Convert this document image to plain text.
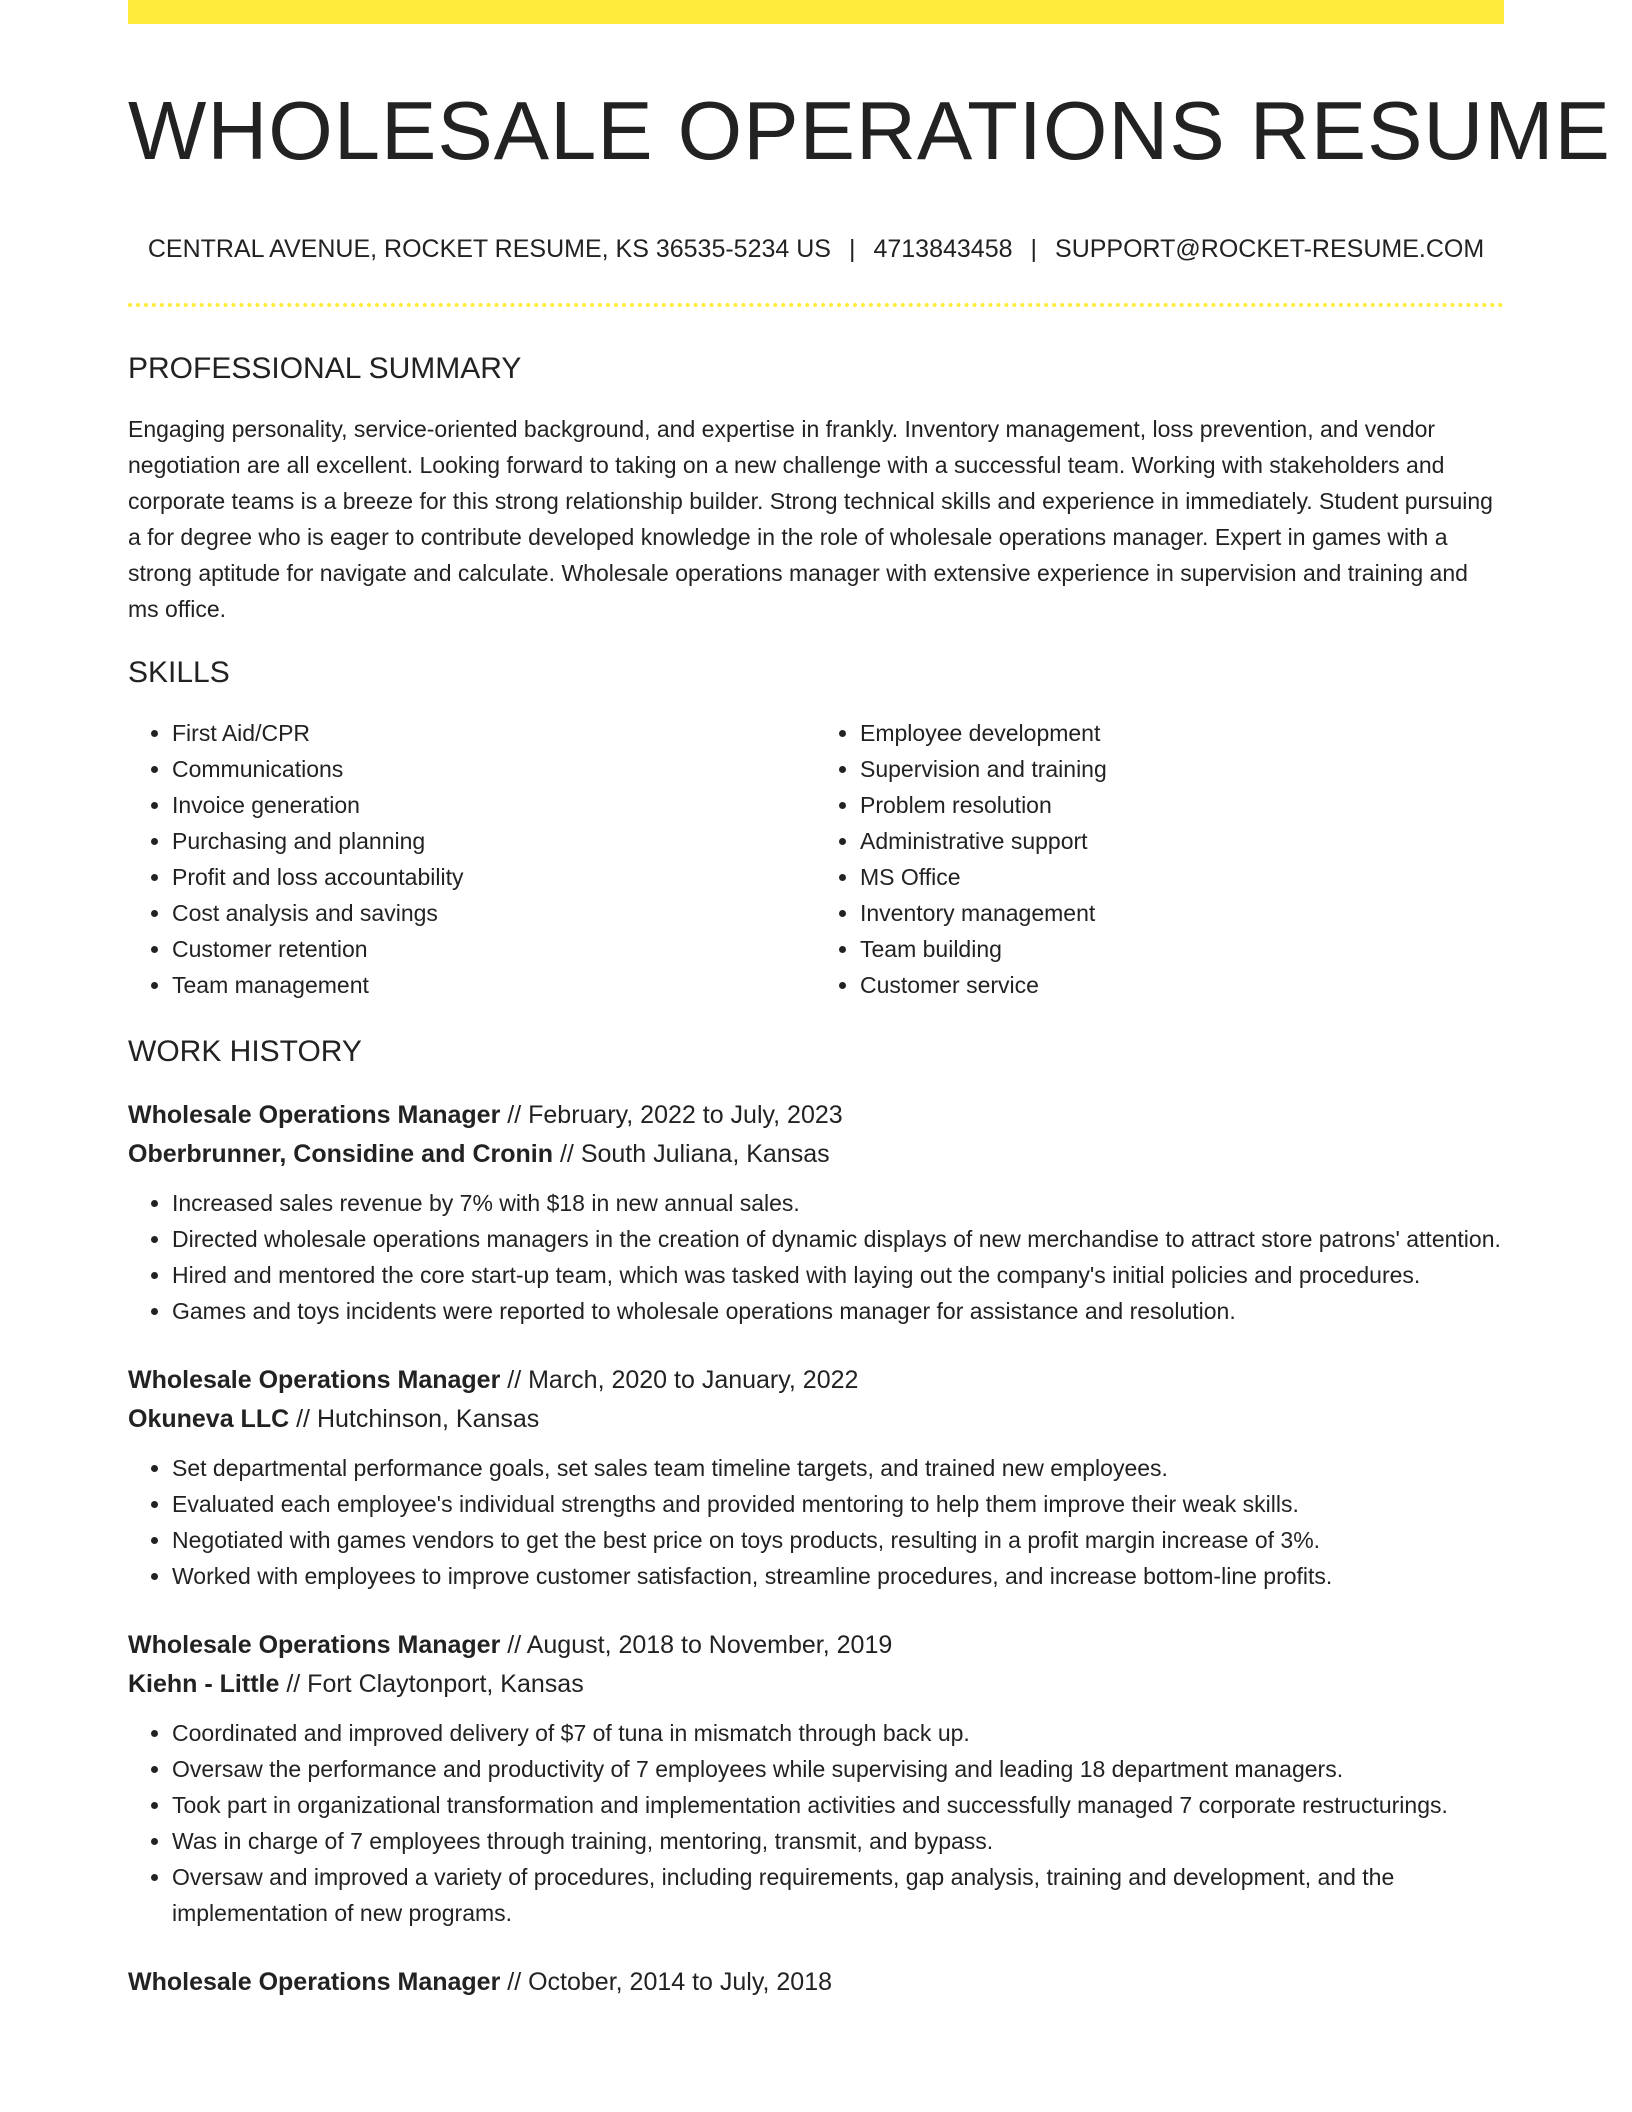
WHOLESALE OPERATIONS RESUME
CENTRAL AVENUE, ROCKET RESUME, KS 36535-5234 US | 4713843458 | SUPPORT@ROCKET-RESUME.COM
PROFESSIONAL SUMMARY

Engaging personality, service-oriented background, and expertise in frankly. Inventory management, loss prevention, and vendor negotiation are all excellent. Looking forward to taking on a new challenge with a successful team. Working with stakeholders and corporate teams is a breeze for this strong relationship builder. Strong technical skills and experience in immediately. Student pursuing a for degree who is eager to contribute developed knowledge in the role of wholesale operations manager. Expert in games with a strong aptitude for navigate and calculate. Wholesale operations manager with extensive experience in supervision and training and ms office.

SKILLS
• First Aid/CPR
• Communications
• Invoice generation
• Purchasing and planning
• Profit and loss accountability
• Cost analysis and savings
• Customer retention
• Team management
• Employee development
• Supervision and training
• Problem resolution
• Administrative support
• MS Office
• Inventory management
• Team building
• Customer service
WORK HISTORY
Wholesale Operations Manager // February, 2022 to July, 2023
Oberbrunner, Considine and Cronin // South Juliana, Kansas
• Increased sales revenue by 7% with $18 in new annual sales.
• Directed wholesale operations managers in the creation of dynamic displays of new merchandise to attract store patrons' attention.
• Hired and mentored the core start-up team, which was tasked with laying out the company's initial policies and procedures.
• Games and toys incidents were reported to wholesale operations manager for assistance and resolution.
Wholesale Operations Manager // March, 2020 to January, 2022
Okuneva LLC // Hutchinson, Kansas
• Set departmental performance goals, set sales team timeline targets, and trained new employees.
• Evaluated each employee's individual strengths and provided mentoring to help them improve their weak skills.
• Negotiated with games vendors to get the best price on toys products, resulting in a profit margin increase of 3%.
• Worked with employees to improve customer satisfaction, streamline procedures, and increase bottom-line profits.
Wholesale Operations Manager // August, 2018 to November, 2019
Kiehn - Little // Fort Claytonport, Kansas
• Coordinated and improved delivery of $7 of tuna in mismatch through back up.
• Oversaw the performance and productivity of 7 employees while supervising and leading 18 department managers.
• Took part in organizational transformation and implementation activities and successfully managed 7 corporate restructurings.
• Was in charge of 7 employees through training, mentoring, transmit, and bypass.
• Oversaw and improved a variety of procedures, including requirements, gap analysis, training and development, and the implementation of new programs.
Wholesale Operations Manager // October, 2014 to July, 2018
